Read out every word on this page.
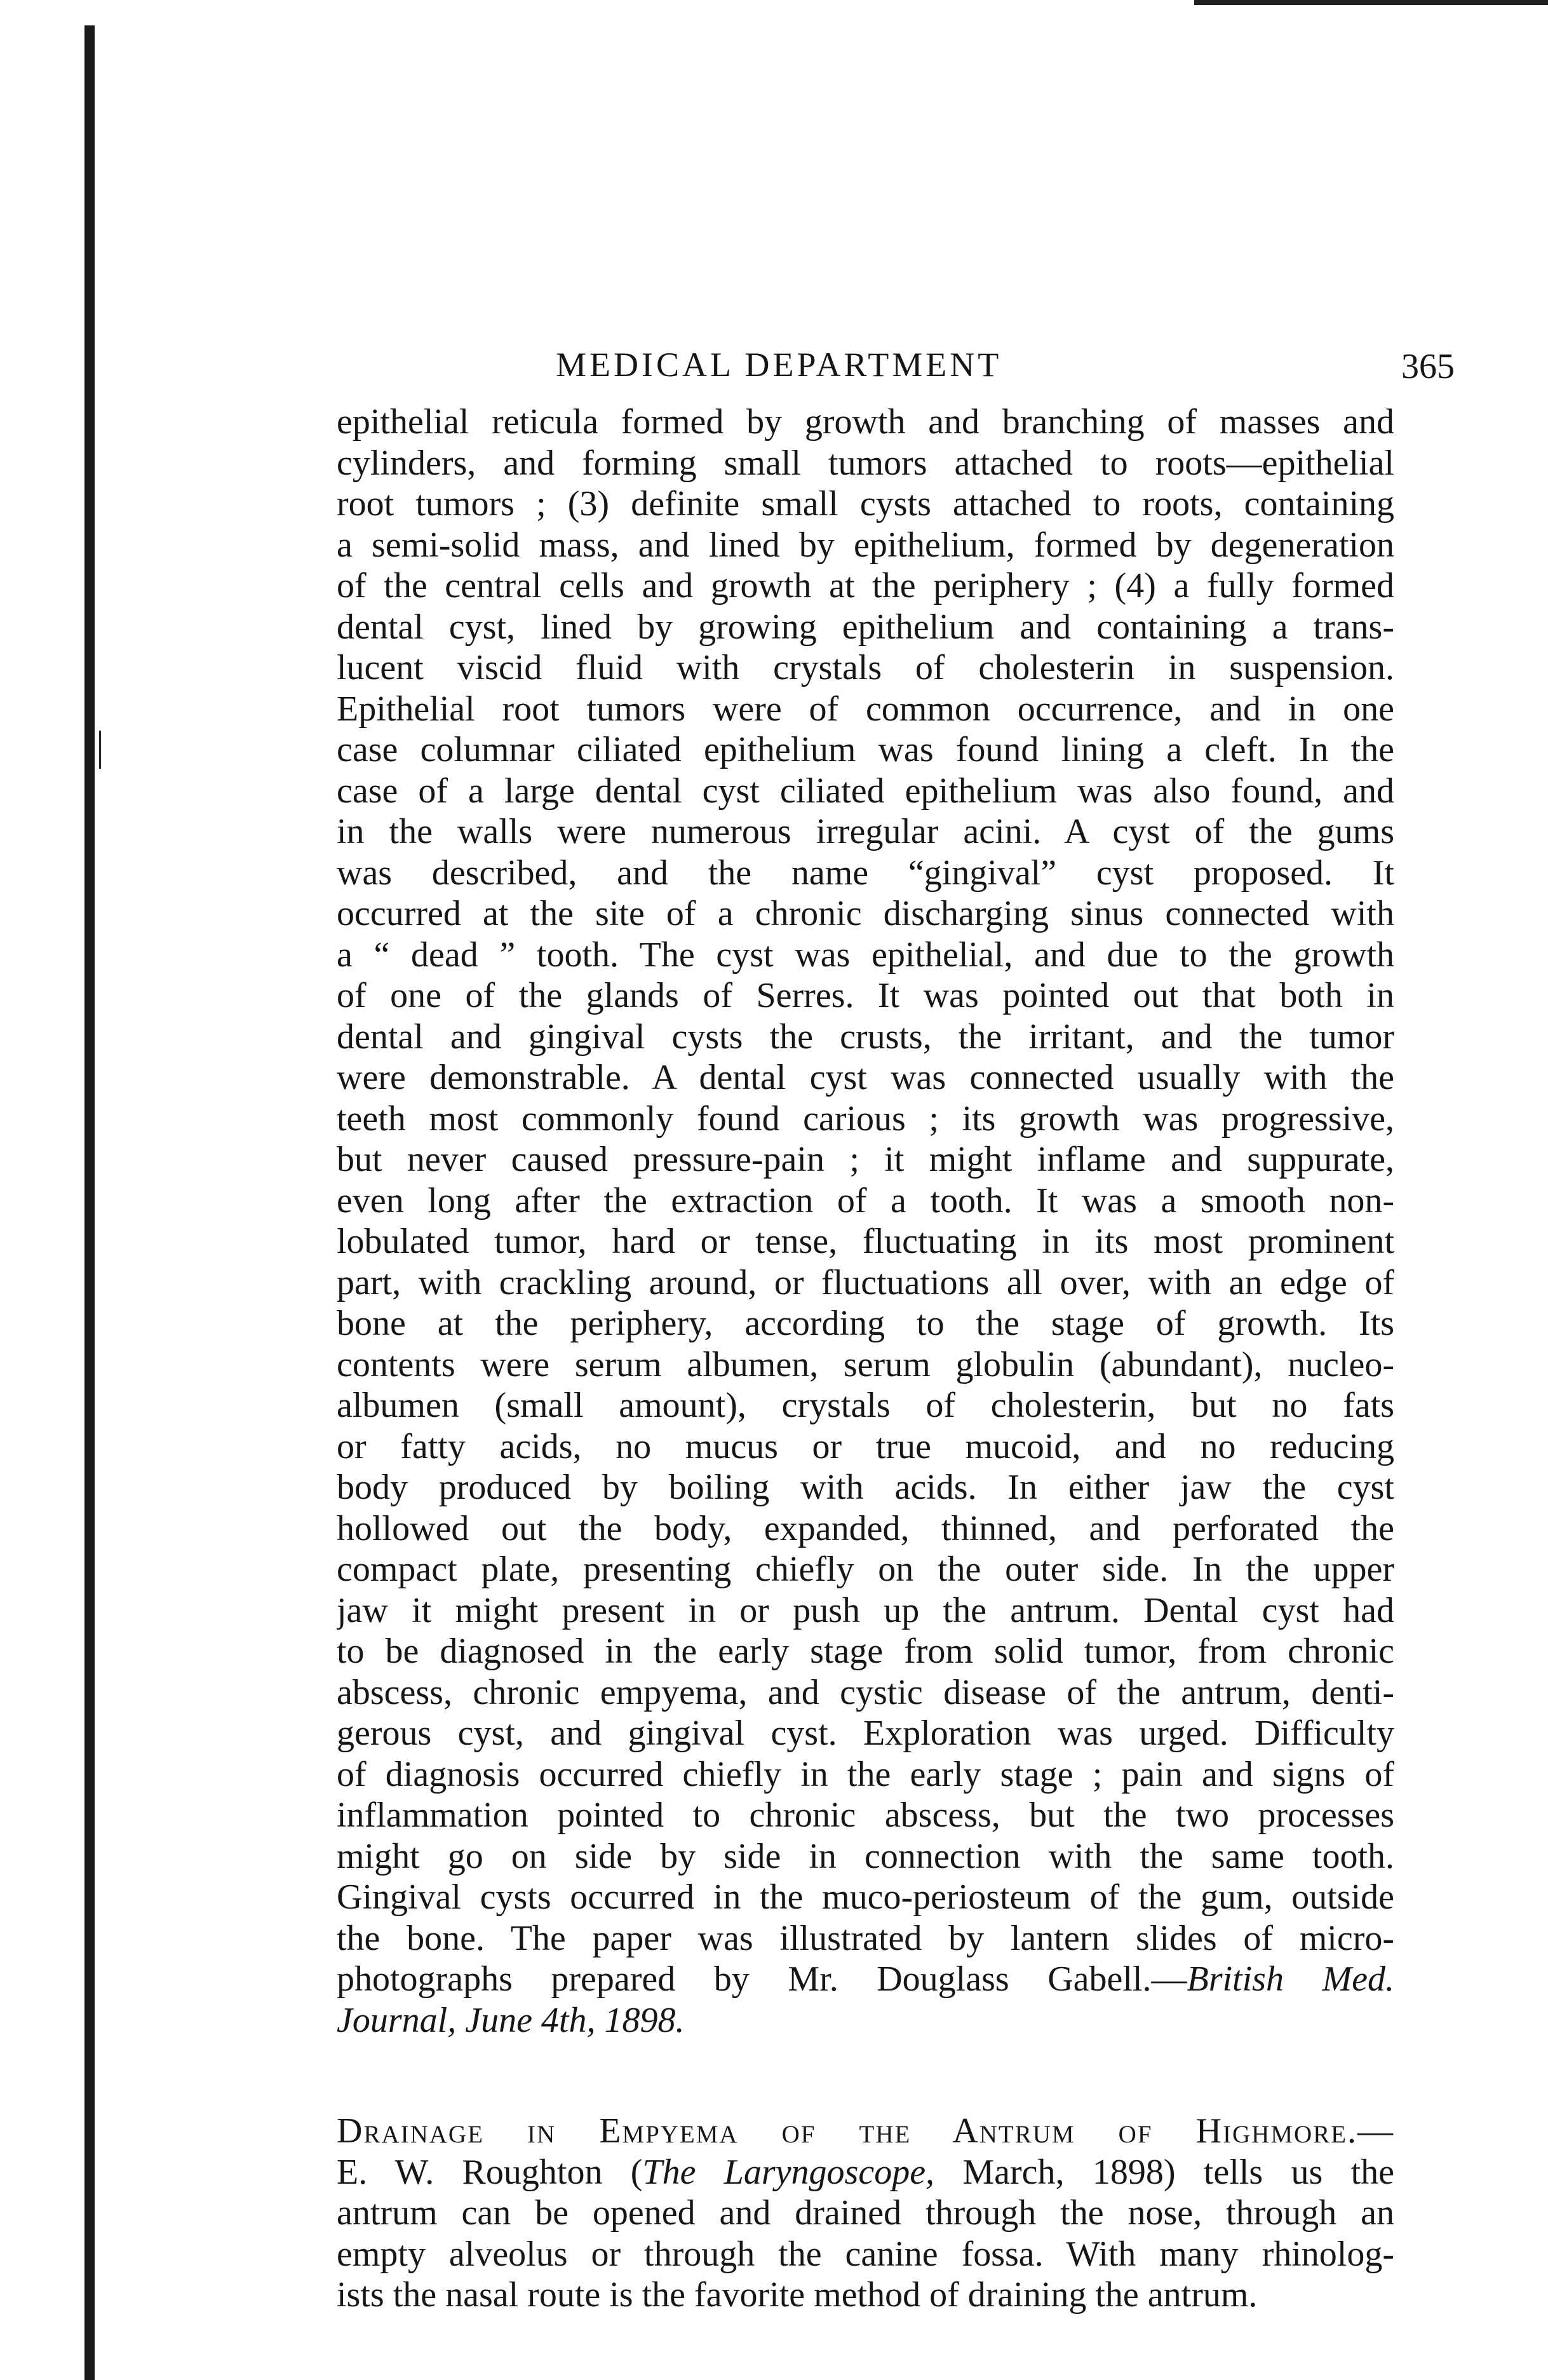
MEDICAL DEPARTMENT	365
epithelial reticula formed by growth and branching of masses and
cylinders, and forming small tumors attached to roots—epithelial
root tumors ; (3) definite small cysts attached to roots, containing
a semi-solid mass, and lined by epithelium, formed by degeneration
of the central cells and growth at the periphery ; (4) a fully formed
dental cyst, lined by growing epithelium and containing a trans-
lucent viscid fluid with crystals of cholesterin in suspension.
Epithelial root tumors were of common occurrence, and in one
case columnar ciliated epithelium was found lining a cleft. In the
case of a large dental cyst ciliated epithelium was also found, and
in the walls were numerous irregular acini. A cyst of the gums
was described, and the name “gingival” cyst proposed. It
occurred at the site of a chronic discharging sinus connected with
a “ dead ” tooth. The cyst was epithelial, and due to the growth
of one of the glands of Serres. It was pointed out that both in
dental and gingival cysts the crusts, the irritant, and the tumor
were demonstrable. A dental cyst was connected usually with the
teeth most commonly found carious ; its growth was progressive,
but never caused pressure-pain ; it might inflame and suppurate,
even long after the extraction of a tooth. It was a smooth non-
lobulated tumor, hard or tense, fluctuating in its most prominent
part, with crackling around, or fluctuations all over, with an edge of
bone at the periphery, according to the stage of growth. Its
contents were serum albumen, serum globulin (abundant), nucleo-
albumen (small amount), crystals of cholesterin, but no fats
or fatty acids, no mucus or true mucoid, and no reducing
body produced by boiling with acids. In either jaw the cyst
hollowed out the body, expanded, thinned, and perforated the
compact plate, presenting chiefly on the outer side. In the upper
jaw it might present in or push up the antrum. Dental cyst had
to be diagnosed in the early stage from solid tumor, from chronic
abscess, chronic empyema, and cystic disease of the antrum, denti-
gerous cyst, and gingival cyst. Exploration was urged. Difficulty
of diagnosis occurred chiefly in the early stage ; pain and signs of
inflammation pointed to chronic abscess, but the two processes
might go on side by side in connection with the same tooth.
Gingival cysts occurred in the muco-periosteum of the gum, outside
the bone. The paper was illustrated by lantern slides of micro-
photographs prepared by Mr. Douglass Gabell.—British Med.
Journal, June 4th, 1898.
Drainage in Empyema of the Antrum of Highmore.—
E. W. Roughton (The Laryngoscope, March, 1898) tells us the
antrum can be opened and drained through the nose, through an
empty alveolus or through the canine fossa. With many rhinolog-
ists the nasal route is the favorite method of draining the antrum.
